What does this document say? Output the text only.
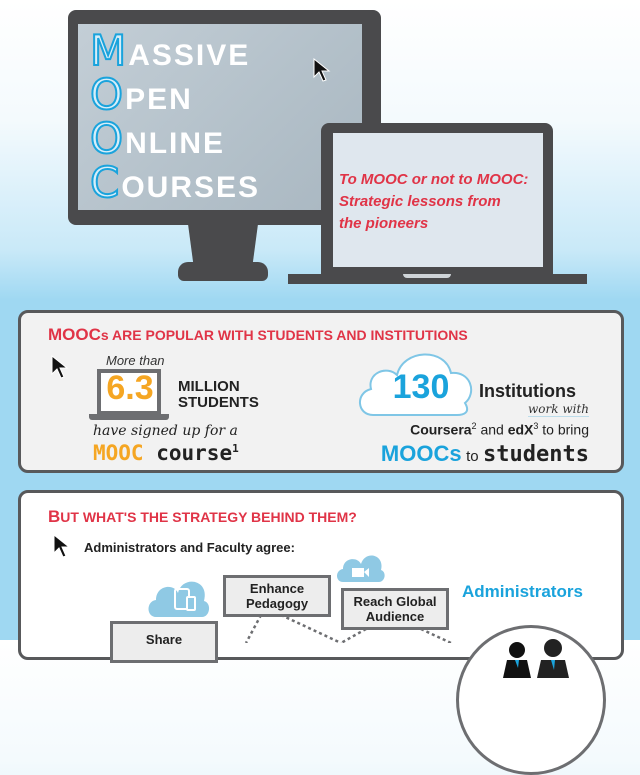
MASSIVE
OPEN
ONLINE
COURSES	To MOOC or not to MOOC:
Strategic lessons from
the pioneers
MOOCs ARE POPULAR WITH STUDENTS AND INSTITUTIONS
More than
6.3 MILLION
STUDENTS
have signed up for a
MOOC course$^1$
130	Institutions
work with
Coursera$^2$ and edX$^3$ to bring
MOOCs to students
BUT WHAT'S THE STRATEGY BEHIND THEM?
Administrators and Faculty agree:
Enhance Pedagogy	Reach Global Audience
Share
Administrators
